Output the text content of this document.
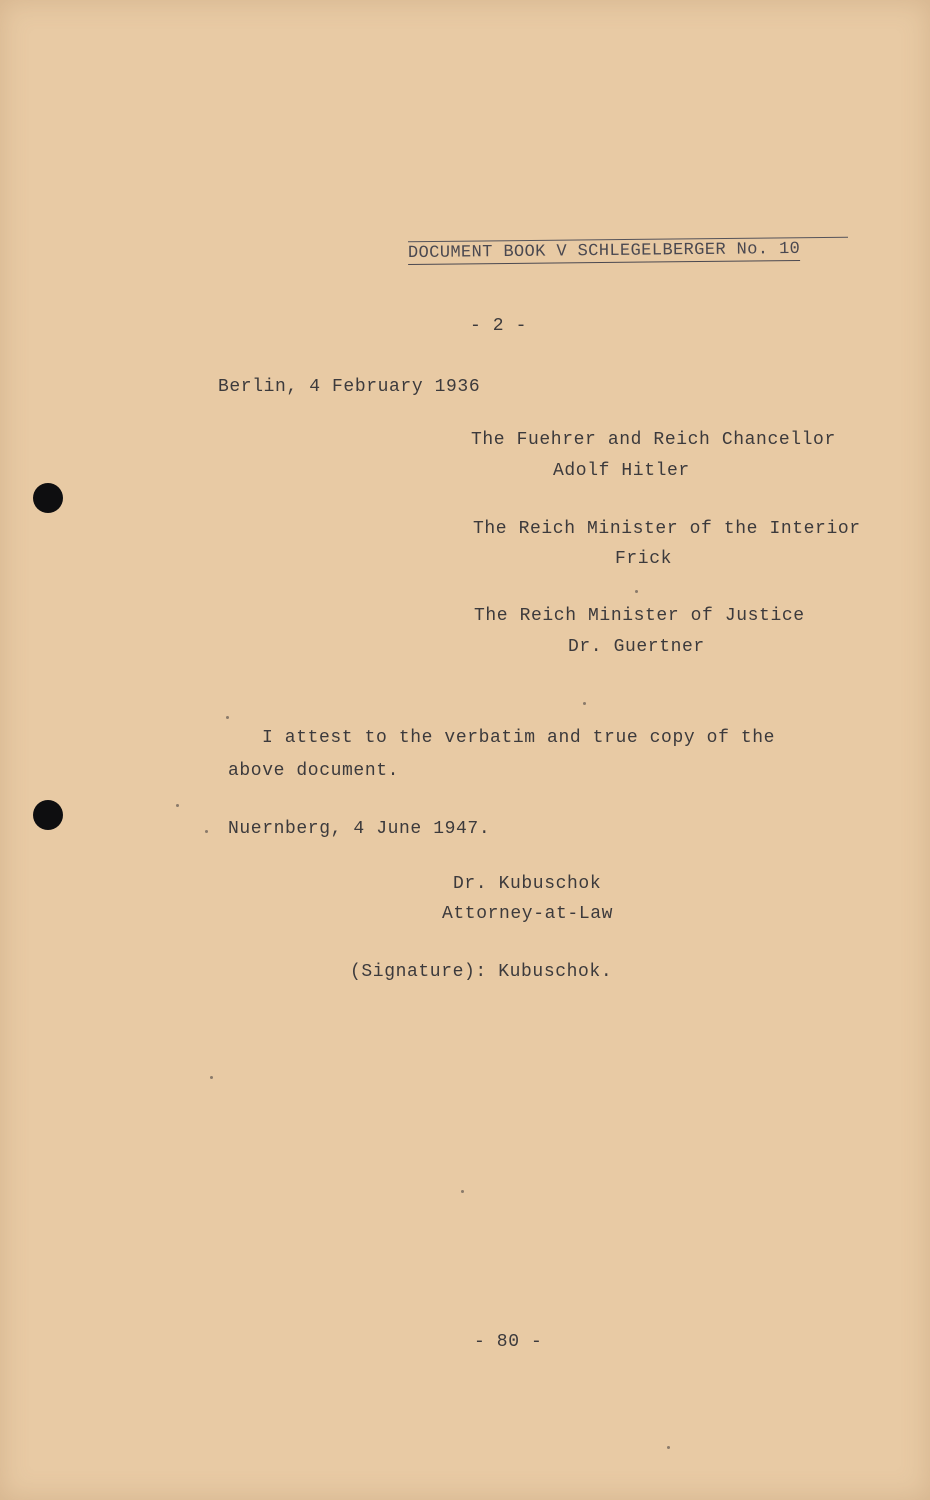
DOCUMENT BOOK V SCHLEGELBERGER No. 10
- 2 -
Berlin, 4 February 1936
The Fuehrer and Reich Chancellor
Adolf Hitler
The Reich Minister of the Interior
Frick
The Reich Minister of Justice
Dr. Guertner
I attest to the verbatim and true copy of the
above document.
Nuernberg, 4 June 1947.
Dr. Kubuschok
Attorney-at-Law
(Signature): Kubuschok.
- 80 -
